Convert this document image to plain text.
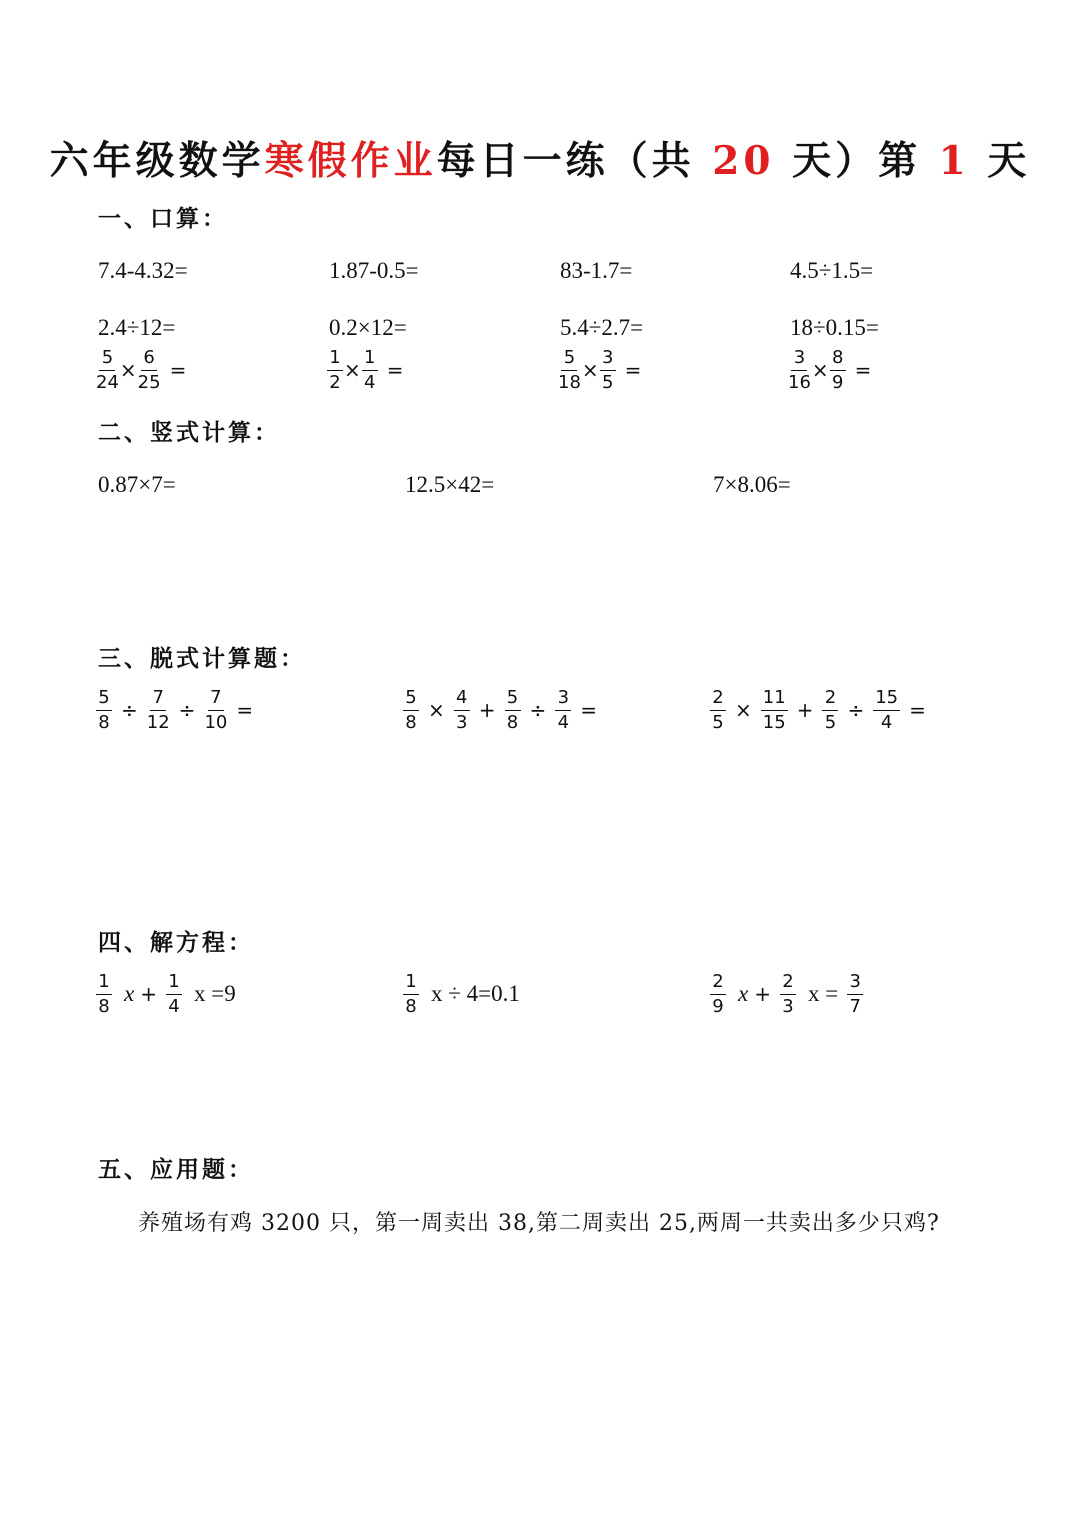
六年级数学寒假作业每日一练（共 20 天）第 1 天
一、口算：
7.4-4.32=	1.87-0.5=	83-1.7=	4.5÷1.5=
2.4÷12=	0.2×12=	5.4÷2.7=	18÷0.15=
$\frac{5}{24} \times \frac{6}{25}$ =	$\frac{1}{2} \times \frac{1}{4}$ =	$\frac{5}{18} \times \frac{3}{5}$ =	$\frac{3}{16} \times \frac{8}{9}$ =
二、竖式计算：
0.87×7=	12.5×42=	7×8.06=
三、脱式计算题：
$\frac{5}{8} \div \frac{7}{12} \div \frac{7}{10}$ =	$\frac{5}{8} \times \frac{4}{3} + \frac{5}{8} \div \frac{3}{4}$ =	$\frac{2}{5} \times \frac{11}{15} + \frac{2}{5} \div \frac{15}{4}$ =
四、解方程：
$\frac{1}{8}$ $x + \frac{1}{4}$ x =9	$\frac{1}{8}$ x ÷ 4=0.1	$\frac{2}{9}$ $x + \frac{2}{3}$ $x = \frac{3}{7}$
五、应用题：
养殖场有鸡 3200 只，第一周卖出 38,第二周卖出 25,两周一共卖出多少只鸡?
